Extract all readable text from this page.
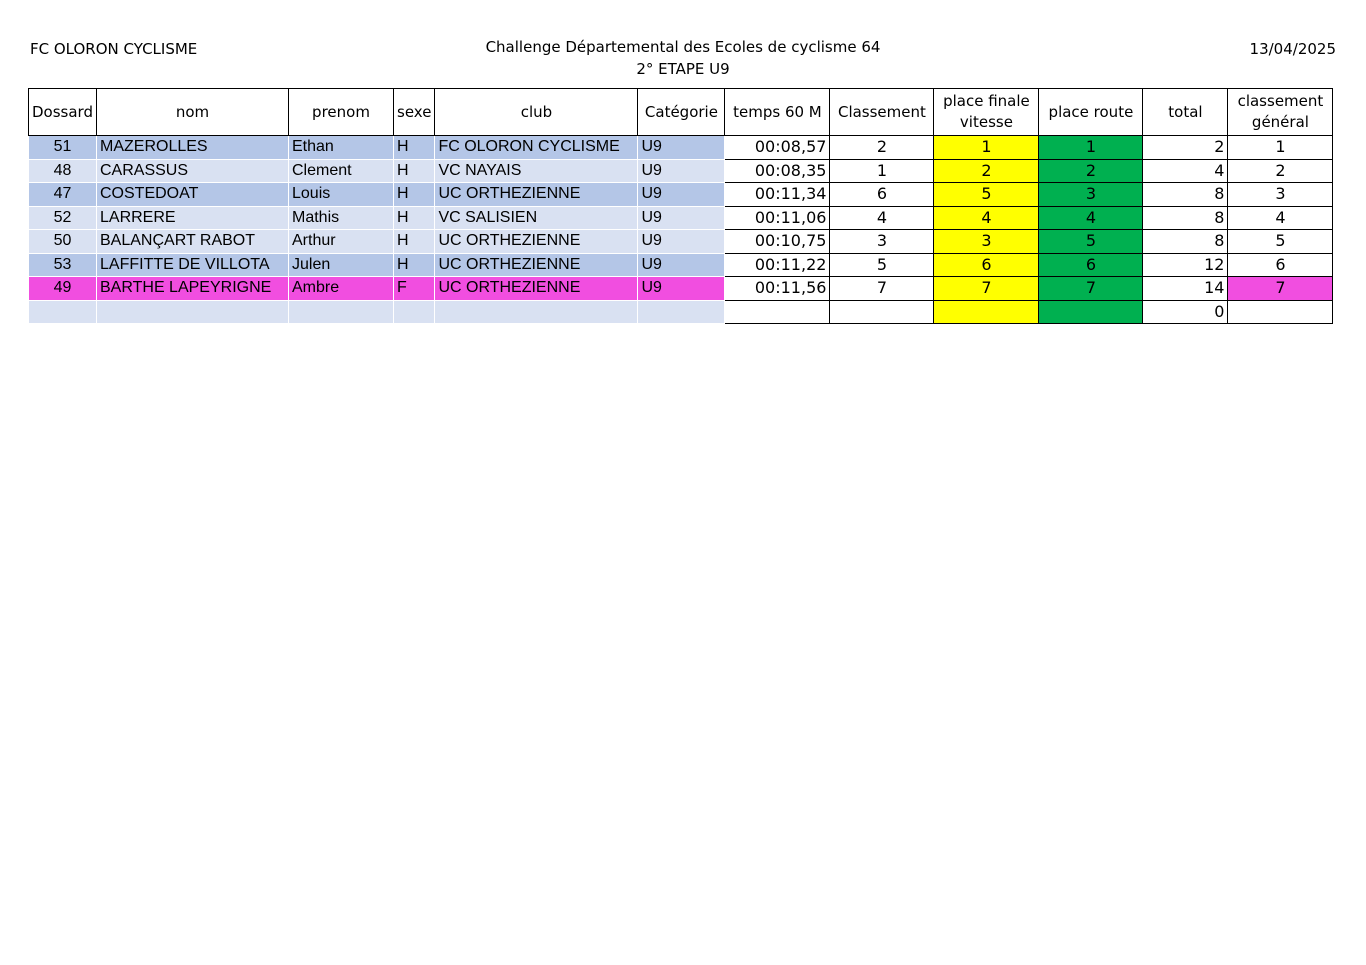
FC OLORON CYCLISME	Challenge Départemental des Ecoles de cyclisme 64
2° ETAPE U9
13/04/2025
Dossard	nom	prenom	sexe	club	Catégorie	temps 60 M	Classement	place finale vitesse	place route	total	classement général
51	MAZEROLLES	Ethan	H	FC OLORON CYCLISME	U9	00:08,57	2	1	1	2	1
48	CARASSUS	Clement	H	VC NAYAIS	U9	00:08,35	1	2	2	4	2
47	COSTEDOAT	Louis	H	UC ORTHEZIENNE	U9	00:11,34	6	5	3	8	3
52	LARRERE	Mathis	H	VC SALISIEN	U9	00:11,06	4	4	4	8	4
50	BALANÇART RABOT	Arthur	H	UC ORTHEZIENNE	U9	00:10,75	3	3	5	8	5
53	LAFFITTE DE VILLOTA	Julen	H	UC ORTHEZIENNE	U9	00:11,22	5	6	6	12	6
49	BARTHE LAPEYRIGNE	Ambre	F	UC ORTHEZIENNE	U9	00:11,56	7	7	7	14	7
										0	
